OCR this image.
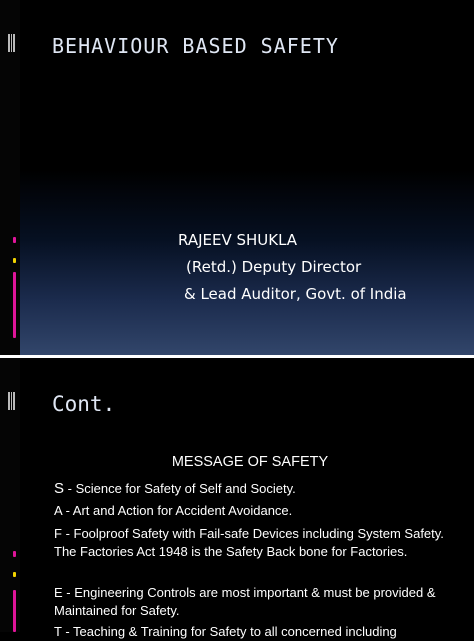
BEHAVIOUR BASED SAFETY
RAJEEV SHUKLA
(Retd.) Deputy Director
& Lead Auditor, Govt. of India
Cont.
MESSAGE OF SAFETY
S - Science for Safety of Self and Society.
A - Art and Action for Accident Avoidance.
F - Foolproof Safety with Fail-safe Devices including System Safety. The Factories Act 1948 is the Safety Back bone for Factories.
E - Engineering Controls are most important & must be provided & Maintained for Safety.
T - Teaching & Training for Safety to all concerned including
